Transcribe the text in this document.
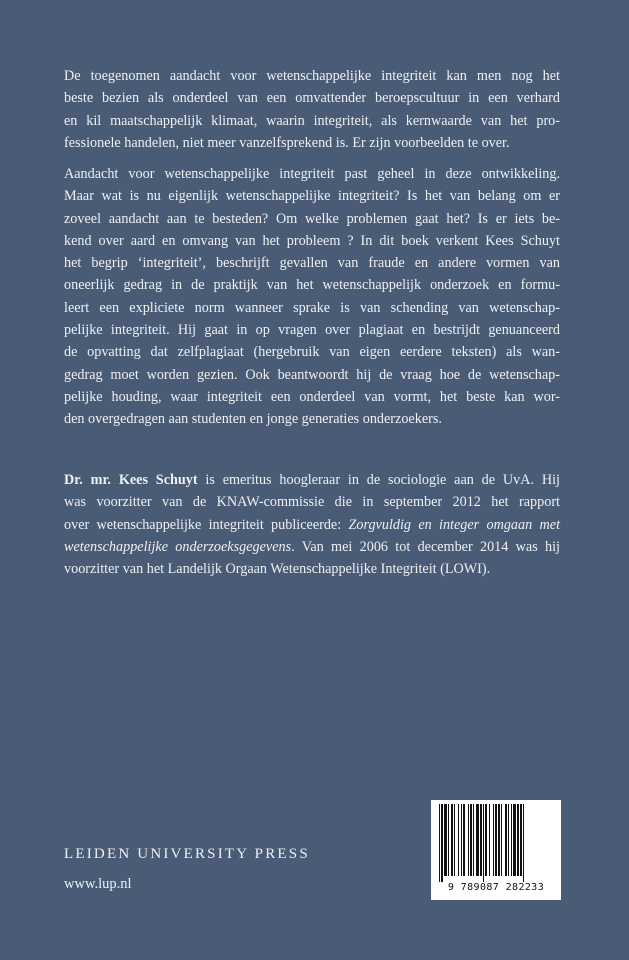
De toegenomen aandacht voor wetenschappelijke integriteit kan men nog het
beste bezien als onderdeel van een omvattender beroepscultuur in een verhard
en kil maatschappelijk klimaat, waarin integriteit, als kernwaarde van het pro-
fessionele handelen, niet meer vanzelfsprekend is. Er zijn voorbeelden te over.
Aandacht voor wetenschappelijke integriteit past geheel in deze ontwikkeling.
Maar wat is nu eigenlijk wetenschappelijke integriteit? Is het van belang om er
zoveel aandacht aan te besteden? Om welke problemen gaat het? Is er iets be-
kend over aard en omvang van het probleem ? In dit boek verkent Kees Schuyt
het begrip ‘integriteit’, beschrijft gevallen van fraude en andere vormen van
oneerlijk gedrag in de praktijk van het wetenschappelijk onderzoek en formu-
leert een expliciete norm wanneer sprake is van schending van wetenschap-
pelijke integriteit. Hij gaat in op vragen over plagiaat en bestrijdt genuanceerd
de opvatting dat zelfplagiaat (hergebruik van eigen eerdere teksten) als wan-
gedrag moet worden gezien. Ook beantwoordt hij de vraag hoe de wetenschap-
pelijke houding, waar integriteit een onderdeel van vormt, het beste kan wor-
den overgedragen aan studenten en jonge generaties onderzoekers.
Dr. mr. Kees Schuyt is emeritus hoogleraar in de sociologie aan de UvA. Hij
was voorzitter van de KNAW-commissie die in september 2012 het rapport
over wetenschappelijke integriteit publiceerde: Zorgvuldig en integer omgaan met
wetenschappelijke onderzoeksgegevens. Van mei 2006 tot december 2014 was hij
voorzitter van het Landelijk Orgaan Wetenschappelijke Integriteit (LOWI).
LEIDEN UNIVERSITY PRESS
www.lup.nl	9 789087 282233
